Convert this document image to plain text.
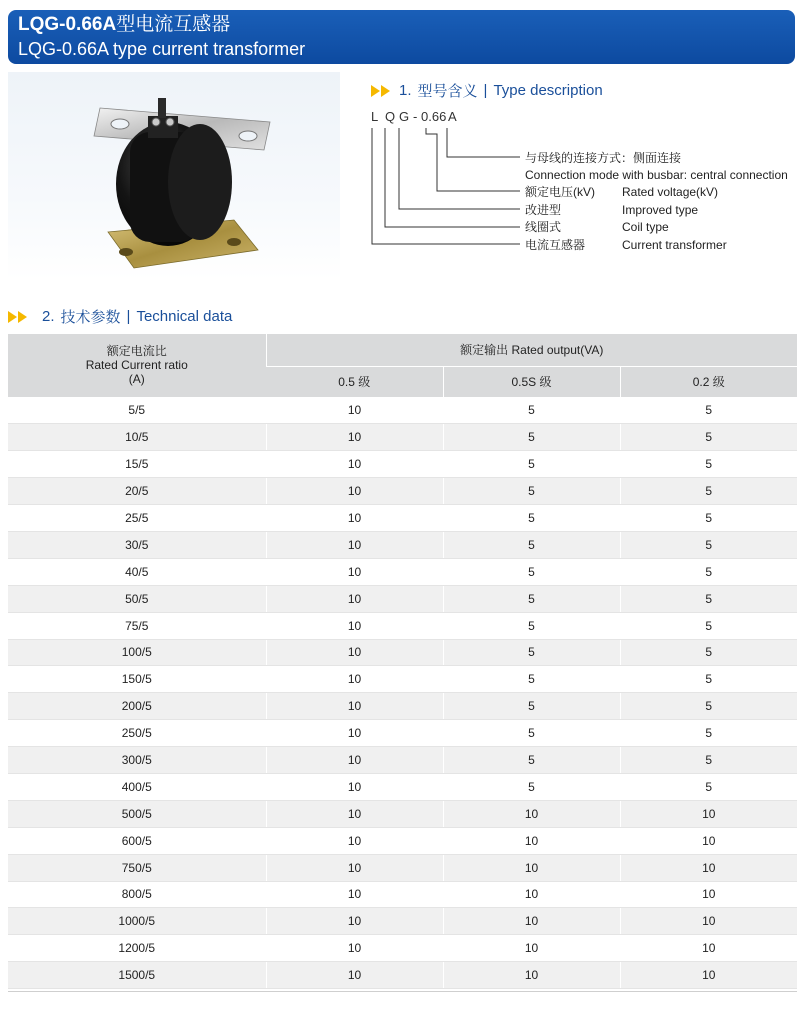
LQG-0.66A型电流互感器
LQG-0.66A type current transformer
1. 型号含义 | Type description
L Q G - 0.66 A
与母线的连接方式：侧面连接
Connection mode with busbar: central connection
额定电压(kV) Rated voltage(kV)
改进型	Improved type
线圈式	Coil type
电流互感器	Current transformer
2. 技术参数 | Technical data
额定电流比
Rated Current ratio
(A)	额定输出 Rated output(VA)		
	0.5 级	0.5S 级	0.2 级
5/5	10	5	5
10/5	10	5	5
15/5	10	5	5
20/5	10	5	5
25/5	10	5	5
30/5	10	5	5
40/5	10	5	5
50/5	10	5	5
75/5	10	5	5
100/5	10	5	5
150/5	10	5	5
200/5	10	5	5
250/5	10	5	5
300/5	10	5	5
400/5	10	5	5
500/5	10	10	10
600/5	10	10	10
750/5	10	10	10
800/5	10	10	10
1000/5	10	10	10
1200/5	10	10	10
1500/5	10	10	10
